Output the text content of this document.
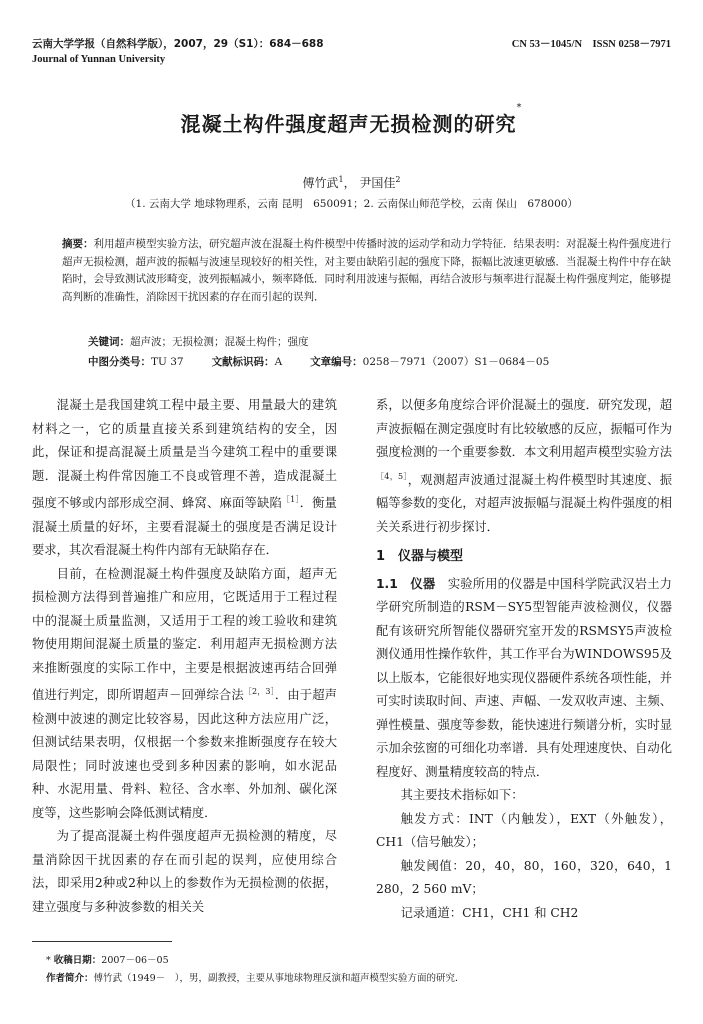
云南大学学报（自然科学版），2007，29（S1）：684－688
Journal of Yunnan University
CN 53－1045/N　ISSN 0258－7971
混凝土构件强度超声无损检测的研究*
傅竹武$^1$， 尹国佳$^2$
（1. 云南大学 地球物理系，云南 昆明　650091；2. 云南保山师范学校，云南 保山　678000）
摘要：利用超声模型实验方法，研究超声波在混凝土构件模型中传播时波的运动学和动力学特征．结果表明：对混凝土构件强度进行超声无损检测，超声波的振幅与波速呈现较好的相关性，对主要由缺陷引起的强度下降，振幅比波速更敏感．当混凝土构件中存在缺陷时，会导致测试波形畸变，波列振幅减小，频率降低．同时利用波速与振幅，再结合波形与频率进行混凝土构件强度判定，能够提高判断的准确性，消除因干扰因素的存在而引起的误判．
关键词：超声波；无损检测；混凝土构件；强度
中图分类号：TU 37	文献标识码：A	文章编号：0258－7971（2007）S1－0684－05

混凝土是我国建筑工程中最主要、用量最大的建筑材料之一，它的质量直接关系到建筑结构的安全，因此，保证和提高混凝土质量是当今建筑工程中的重要课题．混凝土构件常因施工不良或管理不善，造成混凝土强度不够或内部形成空洞、蜂窝、麻面等缺陷$^{[1]}$．衡量混凝土质量的好坏，主要看混凝土的强度是否满足设计要求，其次看混凝土构件内部有无缺陷存在．

目前，在检测混凝土构件强度及缺陷方面，超声无损检测方法得到普遍推广和应用，它既适用于工程过程中的混凝土质量监测，又适用于工程的竣工验收和建筑物使用期间混凝土质量的鉴定．利用超声无损检测方法来推断强度的实际工作中，主要是根据波速再结合回弹值进行判定，即所谓超声－回弹综合法$^{[2,3]}$．由于超声检测中波速的测定比较容易，因此这种方法应用广泛，但测试结果表明，仅根据一个参数来推断强度存在较大局限性；同时波速也受到多种因素的影响，如水泥品种、水泥用量、骨料、粒径、含水率、外加剂、碳化深度等，这些影响会降低测试精度．

为了提高混凝土构件强度超声无损检测的精度，尽量消除因干扰因素的存在而引起的误判，应使用综合法，即采用2种或2种以上的参数作为无损检测的依据，建立强度与多种波参数的相关关

系，以便多角度综合评价混凝土的强度．研究发现，超声波振幅在测定强度时有比较敏感的反应，振幅可作为强度检测的一个重要参数．本文利用超声模型实验方法$^{[4,5]}$，观测超声波通过混凝土构件模型时其速度、振幅等参数的变化，对超声波振幅与混凝土构件强度的相关关系进行初步探讨．

1　仪器与模型

1.1　仪器　 实验所用的仪器是中国科学院武汉岩土力学研究所制造的RSM－SY5型智能声波检测仪，仪器配有该研究所智能仪器研究室开发的RSMSY5声波检测仪通用性操作软件，其工作平台为WINDOWS95及以上版本，它能很好地实现仪器硬件系统各项性能，并可实时读取时间、声速、声幅、一发双收声速、主频、弹性模量、强度等参数，能快速进行频谱分析，实时显示加余弦窗的可细化功率谱．具有处理速度快、自动化程度好、测量精度较高的特点．

其主要技术指标如下：

触发方式：INT（内触发），EXT（外触发），CH1（信号触发）；

触发阈值：20，40，80，160，320，640，1 280，2 560 mV；

记录通道：CH1，CH1 和 CH2

* 收稿日期：2007－06－05
作者简介：傅竹武（1949－　），男，副教授，主要从事地球物理反演和超声模型实验方面的研究．
